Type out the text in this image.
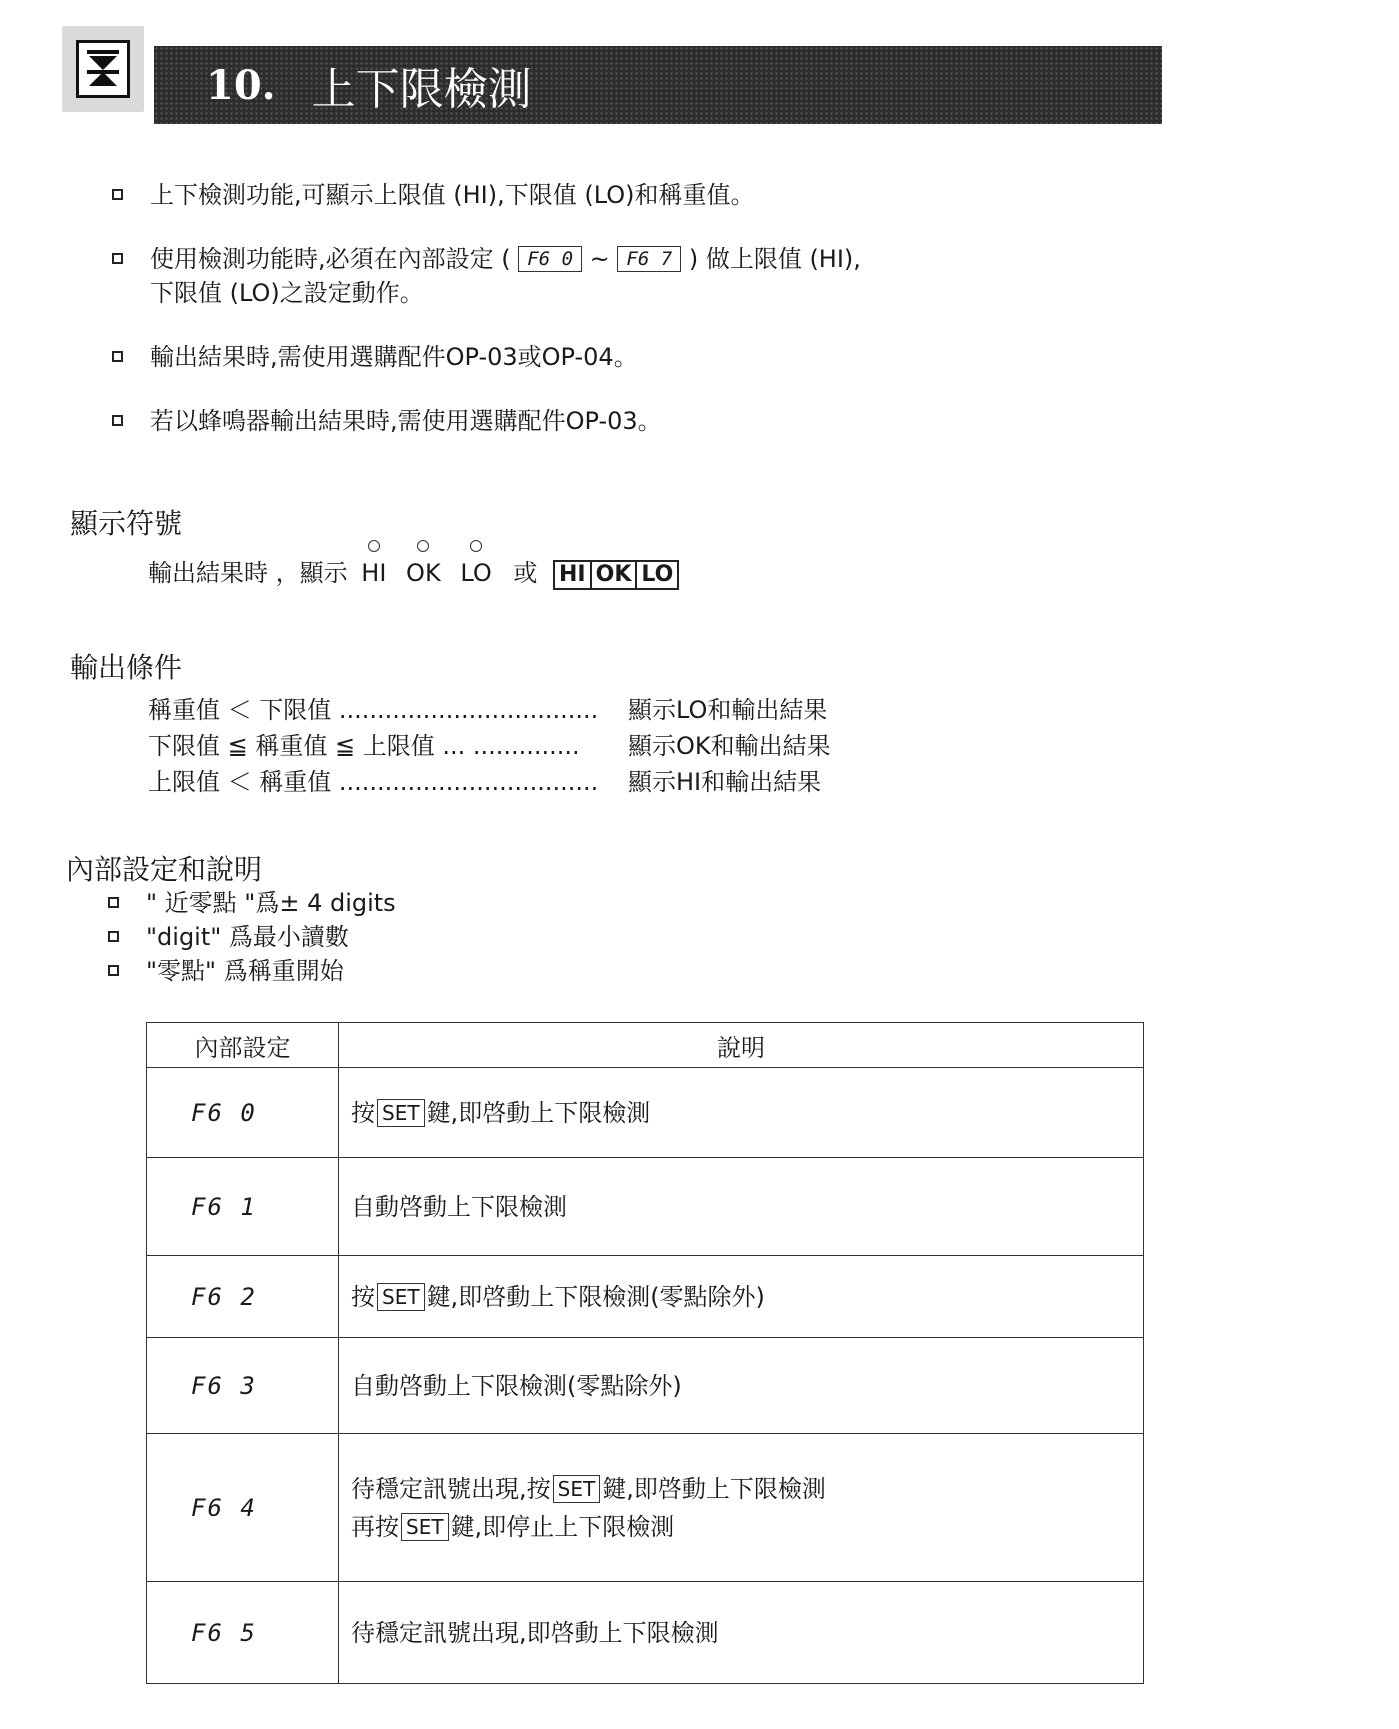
10. 上下限檢測
上下檢測功能,可顯示上限值 (HI),下限值 (LO)和稱重值。
使用檢測功能時,必須在內部設定 ( F6 0 ~ F6 7 ) 做上限值 (HI),
下限值 (LO)之設定動作。
輸出結果時,需使用選購配件OP-03或OP-04。
若以蜂鳴器輸出結果時,需使用選購配件OP-03。
顯示符號
輸出結果時 ，顯示 HI OK LO 或 HI OK LO
輸出條件
稱重值 ＜ 下限值 .................................. 顯示LO和輸出結果
下限值 ≦ 稱重值 ≦ 上限值 ... .............. 顯示OK和輸出結果
上限值 ＜ 稱重值 .................................. 顯示HI和輸出結果
內部設定和說明
" 近零點 "爲± 4 digits
"digit" 爲最小讀數
"零點" 爲稱重開始
內部設定	說明
F6 0	按 SET 鍵,即啓動上下限檢測
F6 1	自動啓動上下限檢測
F6 2	按 SET 鍵,即啓動上下限檢測(零點除外)
F6 3	自動啓動上下限檢測(零點除外)
F6 4	待穩定訊號出現,按 SET 鍵,即啓動上下限檢測
再按 SET 鍵,即停止上下限檢測
F6 5	待穩定訊號出現,即啓動上下限檢測
